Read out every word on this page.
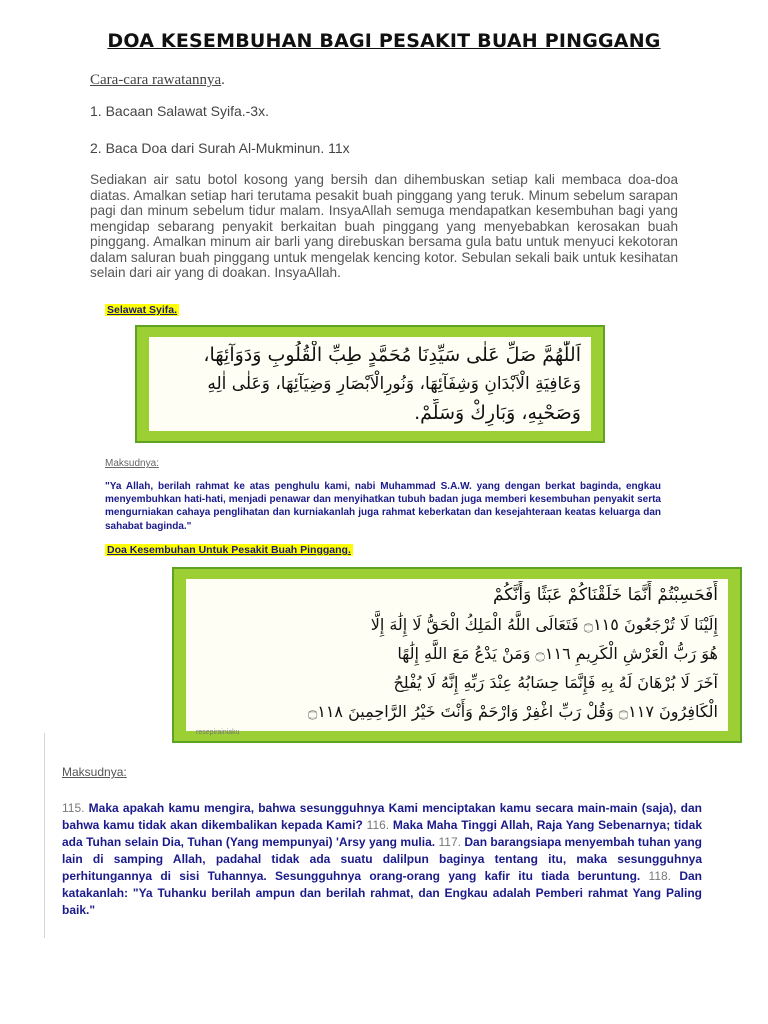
DOA KESEMBUHAN BAGI PESAKIT BUAH PINGGANG
Cara-cara rawatannya.
1. Bacaan Salawat Syifa.-3x.
2. Baca Doa dari Surah Al-Mukminun. 11x
Sediakan air satu botol kosong yang bersih dan dihembuskan setiap kali membaca doa-doa diatas. Amalkan setiap hari terutama pesakit buah pinggang yang teruk. Minum sebelum sarapan pagi dan minum sebelum tidur malam. InsyaAllah semuga mendapatkan kesembuhan bagi yang mengidap sebarang penyakit berkaitan buah pinggang yang menyebabkan kerosakan buah pinggang. Amalkan minum air barli yang direbuskan bersama gula batu untuk menyuci kekotoran dalam saluran buah pinggang untuk mengelak kencing kotor. Sebulan sekali baik untuk kesihatan selain dari air yang di doakan. InsyaAllah.
Selawat Syifa.
اَللّٰهُمَّ صَلِّ عَلٰى سَيِّدِنَا مُحَمَّدٍ طِبِّ الْقُلُوبِ وَدَوَآئِهَا،
وَعَافِيَةِ الْاَبْدَانِ وَشِفَآئِهَا، وَنُورِالْاَبْصَارِ وَضِيَآئِهَا، وَعَلٰى اٰلِهِ
وَصَحْبِهِ، وَبَارِكْ وَسَلِّمْ.
Maksudnya:
"Ya Allah, berilah rahmat ke atas penghulu kami, nabi Muhammad S.A.W. yang dengan berkat baginda, engkau menyembuhkan hati-hati, menjadi penawar dan menyihatkan tubuh badan juga memberi kesembuhan penyakit serta mengurniakan cahaya penglihatan dan kurniakanlah juga rahmat keberkatan dan kesejahteraan keatas keluarga dan sahabat baginda."
Doa Kesembuhan Untuk Pesakit Buah Pinggang.
أَفَحَسِبْتُمْ أَنَّمَا خَلَقْنَاكُمْ عَبَثًا وَأَنَّكُمْ
إِلَيْنَا لَا تُرْجَعُونَ ۝١١٥ فَتَعَالَى اللَّهُ الْمَلِكُ الْحَقُّ لَا إِلَٰهَ إِلَّا
هُوَ رَبُّ الْعَرْشِ الْكَرِيمِ ۝١١٦ وَمَنْ يَدْعُ مَعَ اللَّهِ إِلَٰهًا
آخَرَ لَا بُرْهَانَ لَهُ بِهِ فَإِنَّمَا حِسَابُهُ عِنْدَ رَبِّهِ إِنَّهُ لَا يُفْلِحُ
الْكَافِرُونَ ۝١١٧ وَقُلْ رَبِّ اغْفِرْ وَارْحَمْ وَأَنْتَ خَيْرُ الرَّاحِمِينَ ۝١١٨
resepirainiaku
Maksudnya:
115. Maka apakah kamu mengira, bahwa sesungguhnya Kami menciptakan kamu secara main-main (saja), dan bahwa kamu tidak akan dikembalikan kepada Kami? 116. Maka Maha Tinggi Allah, Raja Yang Sebenarnya; tidak ada Tuhan selain Dia, Tuhan (Yang mempunyai) 'Arsy yang mulia. 117. Dan barangsiapa menyembah tuhan yang lain di samping Allah, padahal tidak ada suatu dalilpun baginya tentang itu, maka sesungguhnya perhitungannya di sisi Tuhannya. Sesungguhnya orang-orang yang kafir itu tiada beruntung. 118. Dan katakanlah: "Ya Tuhanku berilah ampun dan berilah rahmat, dan Engkau adalah Pemberi rahmat Yang Paling baik."
